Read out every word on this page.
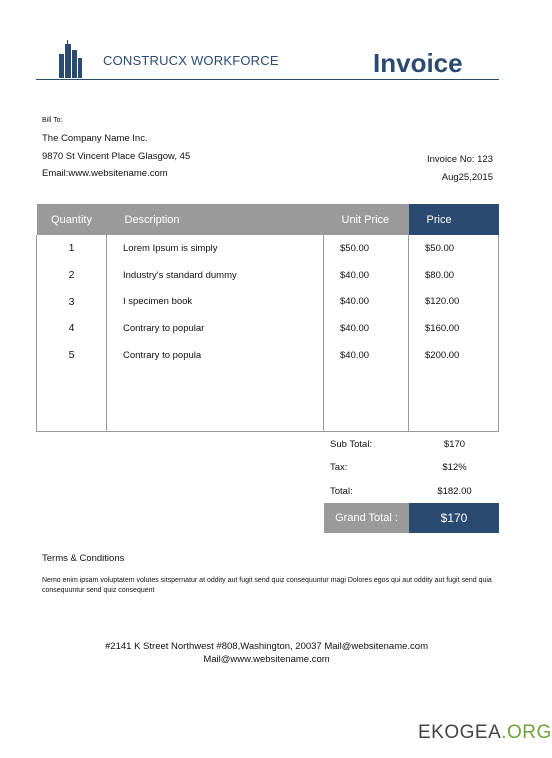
CONSTRUCX WORKFORCE	Invoice
Bill To:
The Company Name Inc.
9870 St Vincent Place Glasgow, 45
Email:www.websitename.com
Invoice No: 123
Aug25,2015
Quantity	Description	Unit Price	Price
1	Lorem Ipsum is simply	$50.00	$50.00
2	Industry's standard dummy	$40.00	$80.00
3	I specimen book	$40.00	$120.00
4	Contrary to popular	$40.00	$160.00
5	Contrary to popula	$40.00	$200.00

Sub Total:	$170
Tax:	$12%
Total:	$182.00
Grand Total :	$170
Terms & Conditions
Nemo enim ipsam voluptatem volutes sitspernatur at oddity aut fugit send quiz consequuntur magi Dolores egos qui aut oddity aut fugit send quia consequuntur send quiz consequent
#2141 K Street Northwest #808,Washington, 20037 Mail@websitename.com
Mail@www.websitename.com
EKOGEA.ORG
